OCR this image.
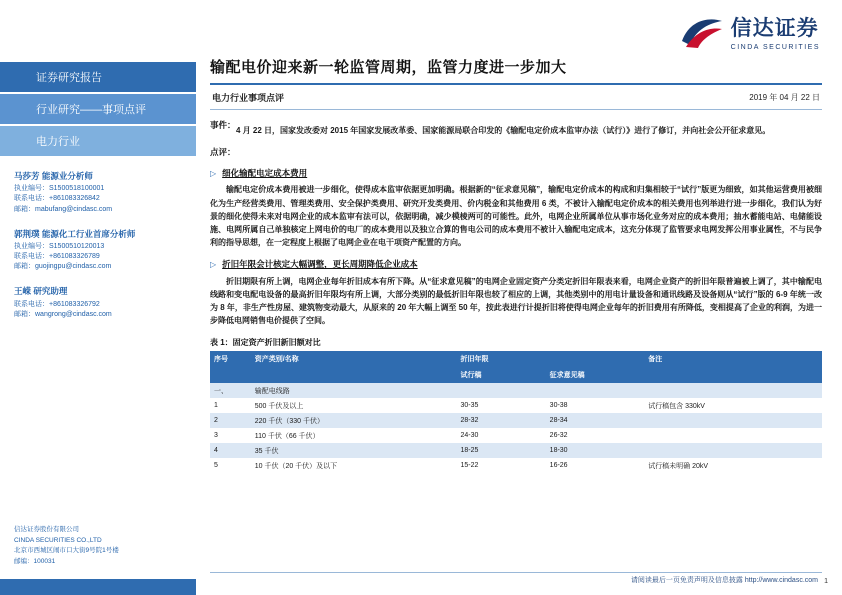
信达证券
CINDA SECURITIES
证券研究报告
行业研究——事项点评
电力行业
马莎芳 能源业分析师
执业编号：S1500518100001
联系电话：+861083326842
邮箱：mabufang@cindasc.com
郭荆璞 能源化工行业首席分析师
执业编号：S1500510120013
联系电话：+861083326789
邮箱：guojingpu@cindasc.com
王嵘 研究助理
联系电话：+861083326792
邮箱：wangrong@cindasc.com
信达证券股份有限公司
CINDA SECURITIES CO.,LTD
北京市西城区闹市口大街9号院1号楼
邮编：100031
输配电价迎来新一轮监管周期，监管力度进一步加大
电力行业事项点评	2019 年 04 月 22 日
事件：
4 月 22 日，国家发改委对 2015 年国家发展改革委、国家能源局联合印发的《输配电定价成本监审办法（试行）》进行了修订，并向社会公开征求意见。
点评：
▷ 细化输配电定成本费用
输配电定价成本费用被进一步细化，使得成本监审依据更加明确。根据新的“征求意见稿”，输配电定价成本的构成和归集相较于“试行”版更为细致，如其他运营费用被细化为生产经营类费用、管理类费用、安全保护类费用、研究开发类费用、价内税金和其他费用 6 类，不被计入输配电定价成本的相关费用也列举进行进一步细化，我们认为好景的细化使得未来对电网企业的成本监审有法可以，依据明确，减少模棱两可的可能性。此外，电网企业所属单位从事市场化业务对应的成本费用；抽水蓄能电站、电储能设施、电网所属自己单独核定上网电价的电厂的成本费用以及独立合算的售电公司的成本费用不被计入输配电定成本，这充分体现了监管要求电网发挥公用事业属性，不与民争利的指导思想，在一定程度上根据了电网企业在电干项资产配置的方向。
▷ 折旧年限会计核定大幅调整，更长周期降低企业成本
折旧期限有所上调，电网企业每年折旧成本有所下降。从“征求意见稿”的电网企业固定资产分类定折旧年限表来看，电网企业资产的折旧年限普遍被上调了，其中输配电线路和变电配电设备的最高折旧年限均有所上调，大部分类别的最低折旧年限也较了相应的上调，其他类别中的用电计量设备和通讯线路及设备则从“试行”版的 6-9 年统一改为 8 年，非生产性房屋、建筑物变动最大，从原来的 20 年大幅上调至 50 年，按此表进行计提折旧将使得电网企业每年的折旧费用有所降低，变相提高了企业的利润，为进一步降低电网销售电价提供了空间。
表 1：固定资产折旧新旧额对比
序号	资产类别/名称	折旧年限		备注
		试行稿	征求意见稿	
一、	输配电线路			
1	500 千伏及以上	30-35	30-38	试行稿包含 330kV
2	220 千伏（330 千伏）	28-32	28-34	
3	110 千伏（66 千伏）	24-30	26-32	
4	35 千伏	18-25	18-30	
5	10 千伏（20 千伏）及以下	15-22	16-26	试行稿未明确 20kV
请阅读最后一页免责声明及信息披露 http://www.cindasc.com 1
